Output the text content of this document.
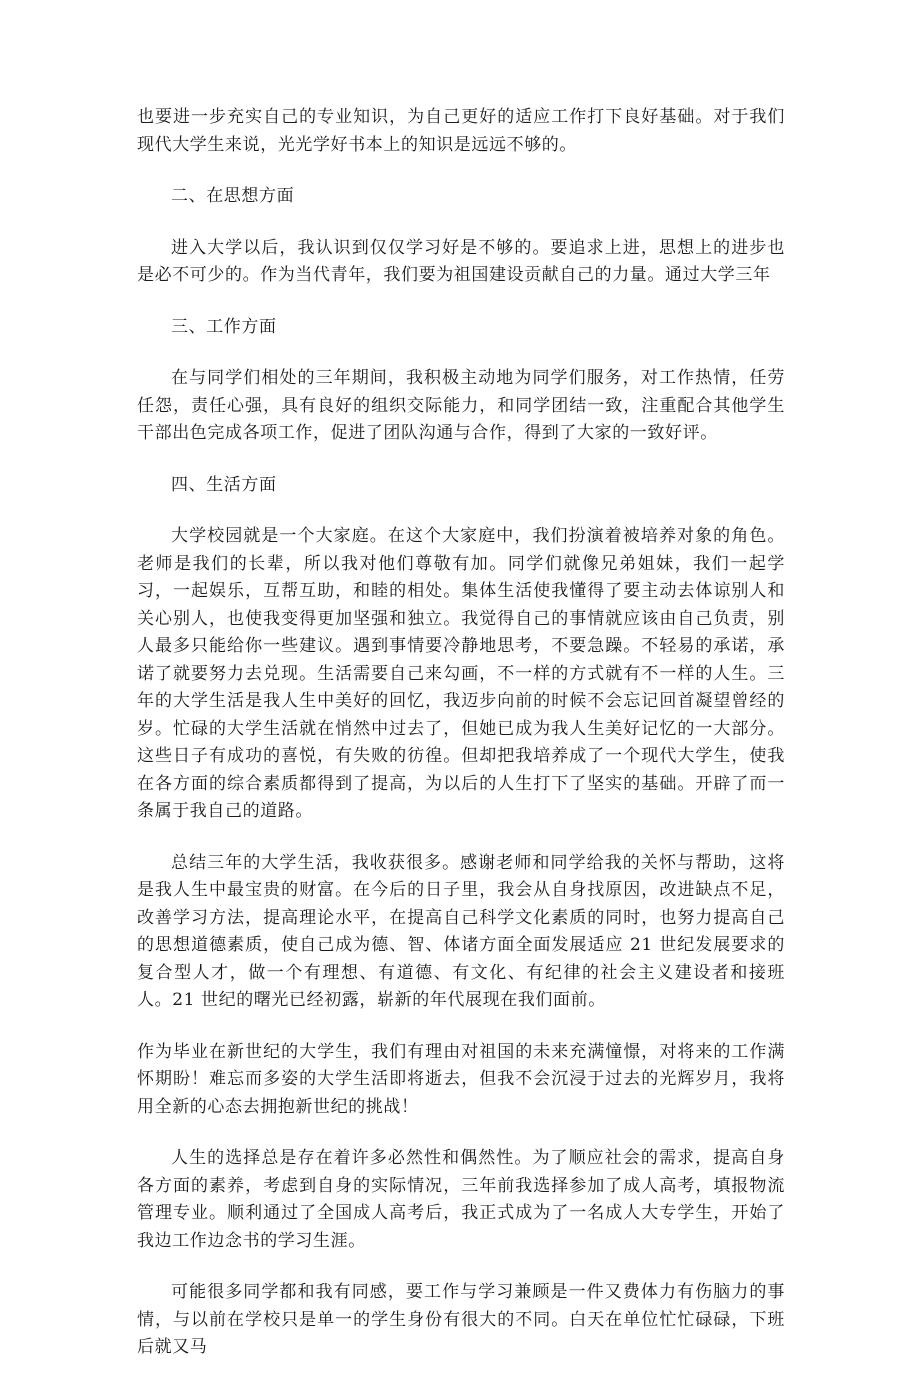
也要进一步充实自己的专业知识，为自己更好的适应工作打下良好基础。对于我们现代大学生来说，光光学好书本上的知识是远远不够的。

二、在思想方面

进入大学以后，我认识到仅仅学习好是不够的。要追求上进，思想上的进步也是必不可少的。作为当代青年，我们要为祖国建设贡献自己的力量。通过大学三年

三、工作方面

在与同学们相处的三年期间，我积极主动地为同学们服务，对工作热情，任劳任怨，责任心强，具有良好的组织交际能力，和同学团结一致，注重配合其他学生干部出色完成各项工作，促进了团队沟通与合作，得到了大家的一致好评。

四、生活方面

大学校园就是一个大家庭。在这个大家庭中，我们扮演着被培养对象的角色。老师是我们的长辈，所以我对他们尊敬有加。同学们就像兄弟姐妹，我们一起学习，一起娱乐，互帮互助，和睦的相处。集体生活使我懂得了要主动去体谅别人和关心别人，也使我变得更加坚强和独立。我觉得自己的事情就应该由自己负责，别人最多只能给你一些建议。遇到事情要冷静地思考，不要急躁。不轻易的承诺，承诺了就要努力去兑现。生活需要自己来勾画，不一样的方式就有不一样的人生。三年的大学生活是我人生中美好的回忆，我迈步向前的时候不会忘记回首凝望曾经的岁。忙碌的大学生活就在悄然中过去了，但她已成为我人生美好记忆的一大部分。这些日子有成功的喜悦，有失败的彷徨。但却把我培养成了一个现代大学生，使我在各方面的综合素质都得到了提高，为以后的人生打下了坚实的基础。开辟了而一条属于我自己的道路。

总结三年的大学生活，我收获很多。感谢老师和同学给我的关怀与帮助，这将是我人生中最宝贵的财富。在今后的日子里，我会从自身找原因，改进缺点不足，改善学习方法，提高理论水平，在提高自己科学文化素质的同时，也努力提高自己的思想道德素质，使自己成为德、智、体诸方面全面发展适应 21 世纪发展要求的复合型人才，做一个有理想、有道德、有文化、有纪律的社会主义建设者和接班人。21 世纪的曙光已经初露，崭新的年代展现在我们面前。

作为毕业在新世纪的大学生，我们有理由对祖国的未来充满憧憬，对将来的工作满怀期盼！难忘而多姿的大学生活即将逝去，但我不会沉浸于过去的光辉岁月，我将用全新的心态去拥抱新世纪的挑战！

人生的选择总是存在着许多必然性和偶然性。为了顺应社会的需求，提高自身各方面的素养，考虑到自身的实际情况，三年前我选择参加了成人高考，填报物流管理专业。顺利通过了全国成人高考后，我正式成为了一名成人大专学生，开始了我边工作边念书的学习生涯。

可能很多同学都和我有同感，要工作与学习兼顾是一件又费体力有伤脑力的事情，与以前在学校只是单一的学生身份有很大的不同。白天在单位忙忙碌碌，下班后就又马
